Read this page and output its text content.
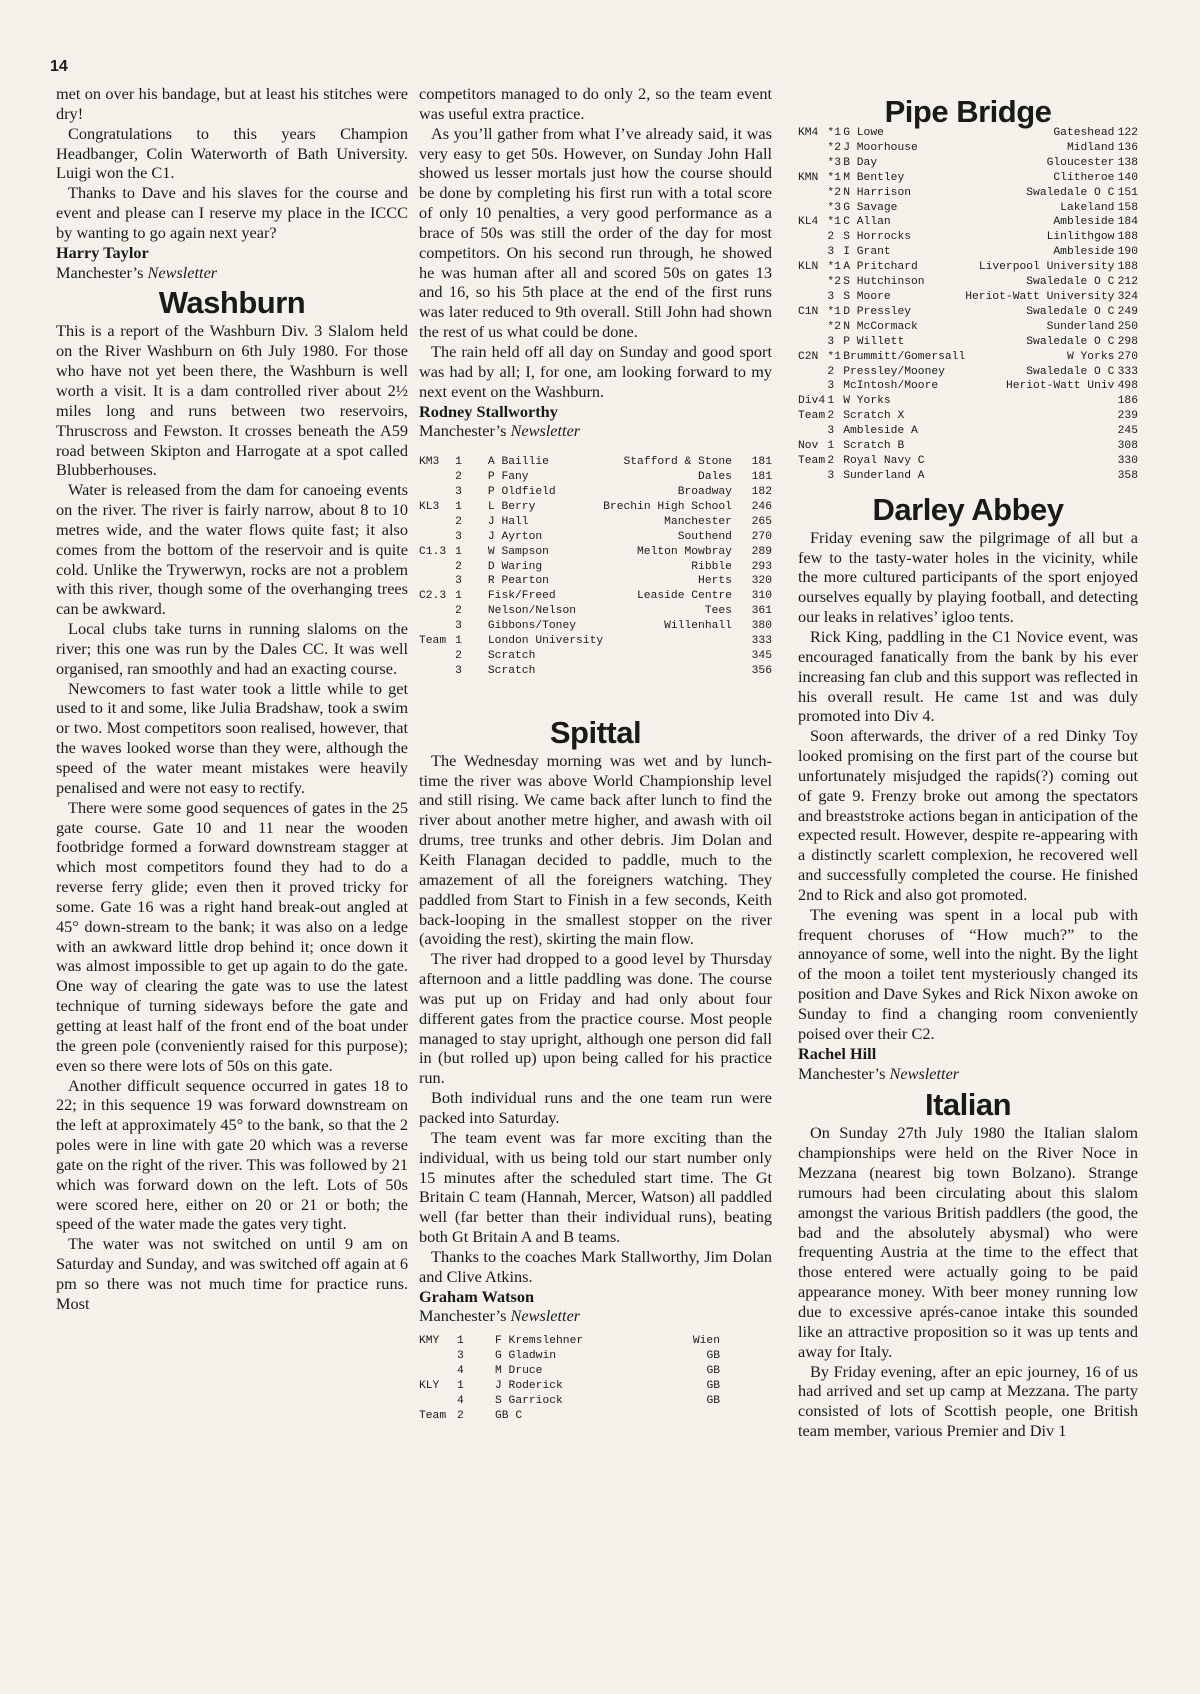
14

met on over his bandage, but at least his stitches were dry!

Congratulations to this years Champion Headbanger, Colin Waterworth of Bath University. Luigi won the C1.

Thanks to Dave and his slaves for the course and event and please can I reserve my place in the ICCC by wanting to go again next year?

Harry Taylor

Manchester’s Newsletter

Washburn

This is a report of the Washburn Div. 3 Slalom held on the River Washburn on 6th July 1980. For those who have not yet been there, the Washburn is well worth a visit. It is a dam controlled river about 2½ miles long and runs between two reservoirs, Thruscross and Fewston. It crosses beneath the A59 road between Skipton and Harrogate at a spot called Blubberhouses.

Water is released from the dam for canoeing events on the river. The river is fairly narrow, about 8 to 10 metres wide, and the water flows quite fast; it also comes from the bottom of the reservoir and is quite cold. Unlike the Trywerwyn, rocks are not a problem with this river, though some of the overhanging trees can be awkward.

Local clubs take turns in running slaloms on the river; this one was run by the Dales CC. It was well organised, ran smoothly and had an exacting course.

Newcomers to fast water took a little while to get used to it and some, like Julia Bradshaw, took a swim or two. Most competitors soon realised, however, that the waves looked worse than they were, although the speed of the water meant mistakes were heavily penalised and were not easy to rectify.

There were some good sequences of gates in the 25 gate course. Gate 10 and 11 near the wooden footbridge formed a forward downstream stagger at which most competitors found they had to do a reverse ferry glide; even then it proved tricky for some. Gate 16 was a right hand break-out angled at 45° down-stream to the bank; it was also on a ledge with an awkward little drop behind it; once down it was almost impossible to get up again to do the gate. One way of clearing the gate was to use the latest technique of turning sideways before the gate and getting at least half of the front end of the boat under the green pole (conveniently raised for this purpose); even so there were lots of 50s on this gate.

Another difficult sequence occurred in gates 18 to 22; in this sequence 19 was forward downstream on the left at approximately 45° to the bank, so that the 2 poles were in line with gate 20 which was a reverse gate on the right of the river. This was followed by 21 which was forward down on the left. Lots of 50s were scored here, either on 20 or 21 or both; the speed of the water made the gates very tight.

The water was not switched on until 9 am on Saturday and Sunday, and was switched off again at 6 pm so there was not much time for practice runs. Most

competitors managed to do only 2, so the team event was useful extra practice.

As you’ll gather from what I’ve already said, it was very easy to get 50s. However, on Sunday John Hall showed us lesser mortals just how the course should be done by completing his first run with a total score of only 10 penalties, a very good performance as a brace of 50s was still the order of the day for most competitors. On his second run through, he showed he was human after all and scored 50s on gates 13 and 16, so his 5th place at the end of the first runs was later reduced to 9th overall. Still John had shown the rest of us what could be done.

The rain held off all day on Sunday and good sport was had by all; I, for one, am looking forward to my next event on the Washburn.

Rodney Stallworthy

Manchester’s Newsletter

KM3	1	A Baillie	Stafford & Stone	181
	2	P Fany	Dales	181
	3	P Oldfield	Broadway	182
KL3	1	L Berry	Brechin High School	246
	2	J Hall	Manchester	265
	3	J Ayrton	Southend	270
C1.3	1	W Sampson	Melton Mowbray	289
	2	D Waring	Ribble	293
	3	R Pearton	Herts	320
C2.3	1	Fisk/Freed	Leaside Centre	310
	2	Nelson/Nelson	Tees	361
	3	Gibbons/Toney	Willenhall	380
Team	1	London University		333
	2	Scratch		345
	3	Scratch		356
Spittal

The Wednesday morning was wet and by lunch-time the river was above World Championship level and still rising. We came back after lunch to find the river about another metre higher, and awash with oil drums, tree trunks and other debris. Jim Dolan and Keith Flanagan decided to paddle, much to the amazement of all the foreigners watching. They paddled from Start to Finish in a few seconds, Keith back-looping in the smallest stopper on the river (avoiding the rest), skirting the main flow.

The river had dropped to a good level by Thursday afternoon and a little paddling was done. The course was put up on Friday and had only about four different gates from the practice course. Most people managed to stay upright, although one person did fall in (but rolled up) upon being called for his practice run.

Both individual runs and the one team run were packed into Saturday.

The team event was far more exciting than the individual, with us being told our start number only 15 minutes after the scheduled start time. The Gt Britain C team (Hannah, Mercer, Watson) all paddled well (far better than their individual runs), beating both Gt Britain A and B teams.

Thanks to the coaches Mark Stallworthy, Jim Dolan and Clive Atkins.

Graham Watson

Manchester’s Newsletter

KMY	1	F Kremslehner	Wien
	3	G Gladwin	GB
	4	M Druce	GB
KLY	1	J Roderick	GB
	4	S Garriock	GB
Team	2	GB C	
Pipe Bridge
KM4	*1	G Lowe	Gateshead	122
	*2	J Moorhouse	Midland	136
	*3	B Day	Gloucester	138
KMN	*1	M Bentley	Clitheroe	140
	*2	N Harrison	Swaledale O C	151
	*3	G Savage	Lakeland	158
KL4	*1	C Allan	Ambleside	184
	2	S Horrocks	Linlithgow	188
	3	I Grant	Ambleside	190
KLN	*1	A Pritchard	Liverpool University	188
	*2	S Hutchinson	Swaledale O C	212
	3	S Moore	Heriot-Watt University	324
C1N	*1	D Pressley	Swaledale O C	249
	*2	N McCormack	Sunderland	250
	3	P Willett	Swaledale O C	298
C2N	*1	Brummitt/Gomersall	W Yorks	270
	2	Pressley/Mooney	Swaledale O C	333
	3	McIntosh/Moore	Heriot-Watt Univ	498
Div4	1	W Yorks		186
Team	2	Scratch X		239
	3	Ambleside A		245
Nov	1	Scratch B		308
Team	2	Royal Navy C		330
	3	Sunderland A		358
Darley Abbey

Friday evening saw the pilgrimage of all but a few to the tasty-water holes in the vicinity, while the more cultured participants of the sport enjoyed ourselves equally by playing football, and detecting our leaks in relatives’ igloo tents.

Rick King, paddling in the C1 Novice event, was encouraged fanatically from the bank by his ever increasing fan club and this support was reflected in his overall result. He came 1st and was duly promoted into Div 4.

Soon afterwards, the driver of a red Dinky Toy looked promising on the first part of the course but unfortunately misjudged the rapids(?) coming out of gate 9. Frenzy broke out among the spectators and breaststroke actions began in anticipation of the expected result. However, despite re-appearing with a distinctly scarlett complexion, he recovered well and successfully completed the course. He finished 2nd to Rick and also got promoted.

The evening was spent in a local pub with frequent choruses of “How much?” to the annoyance of some, well into the night. By the light of the moon a toilet tent mysteriously changed its position and Dave Sykes and Rick Nixon awoke on Sunday to find a changing room conveniently poised over their C2.

Rachel Hill

Manchester’s Newsletter

Italian

On Sunday 27th July 1980 the Italian slalom championships were held on the River Noce in Mezzana (nearest big town Bolzano). Strange rumours had been circulating about this slalom amongst the various British paddlers (the good, the bad and the absolutely abysmal) who were frequenting Austria at the time to the effect that those entered were actually going to be paid appearance money. With beer money running low due to excessive aprés-canoe intake this sounded like an attractive proposition so it was up tents and away for Italy.

By Friday evening, after an epic journey, 16 of us had arrived and set up camp at Mezzana. The party consisted of lots of Scottish people, one British team member, various Premier and Div 1
